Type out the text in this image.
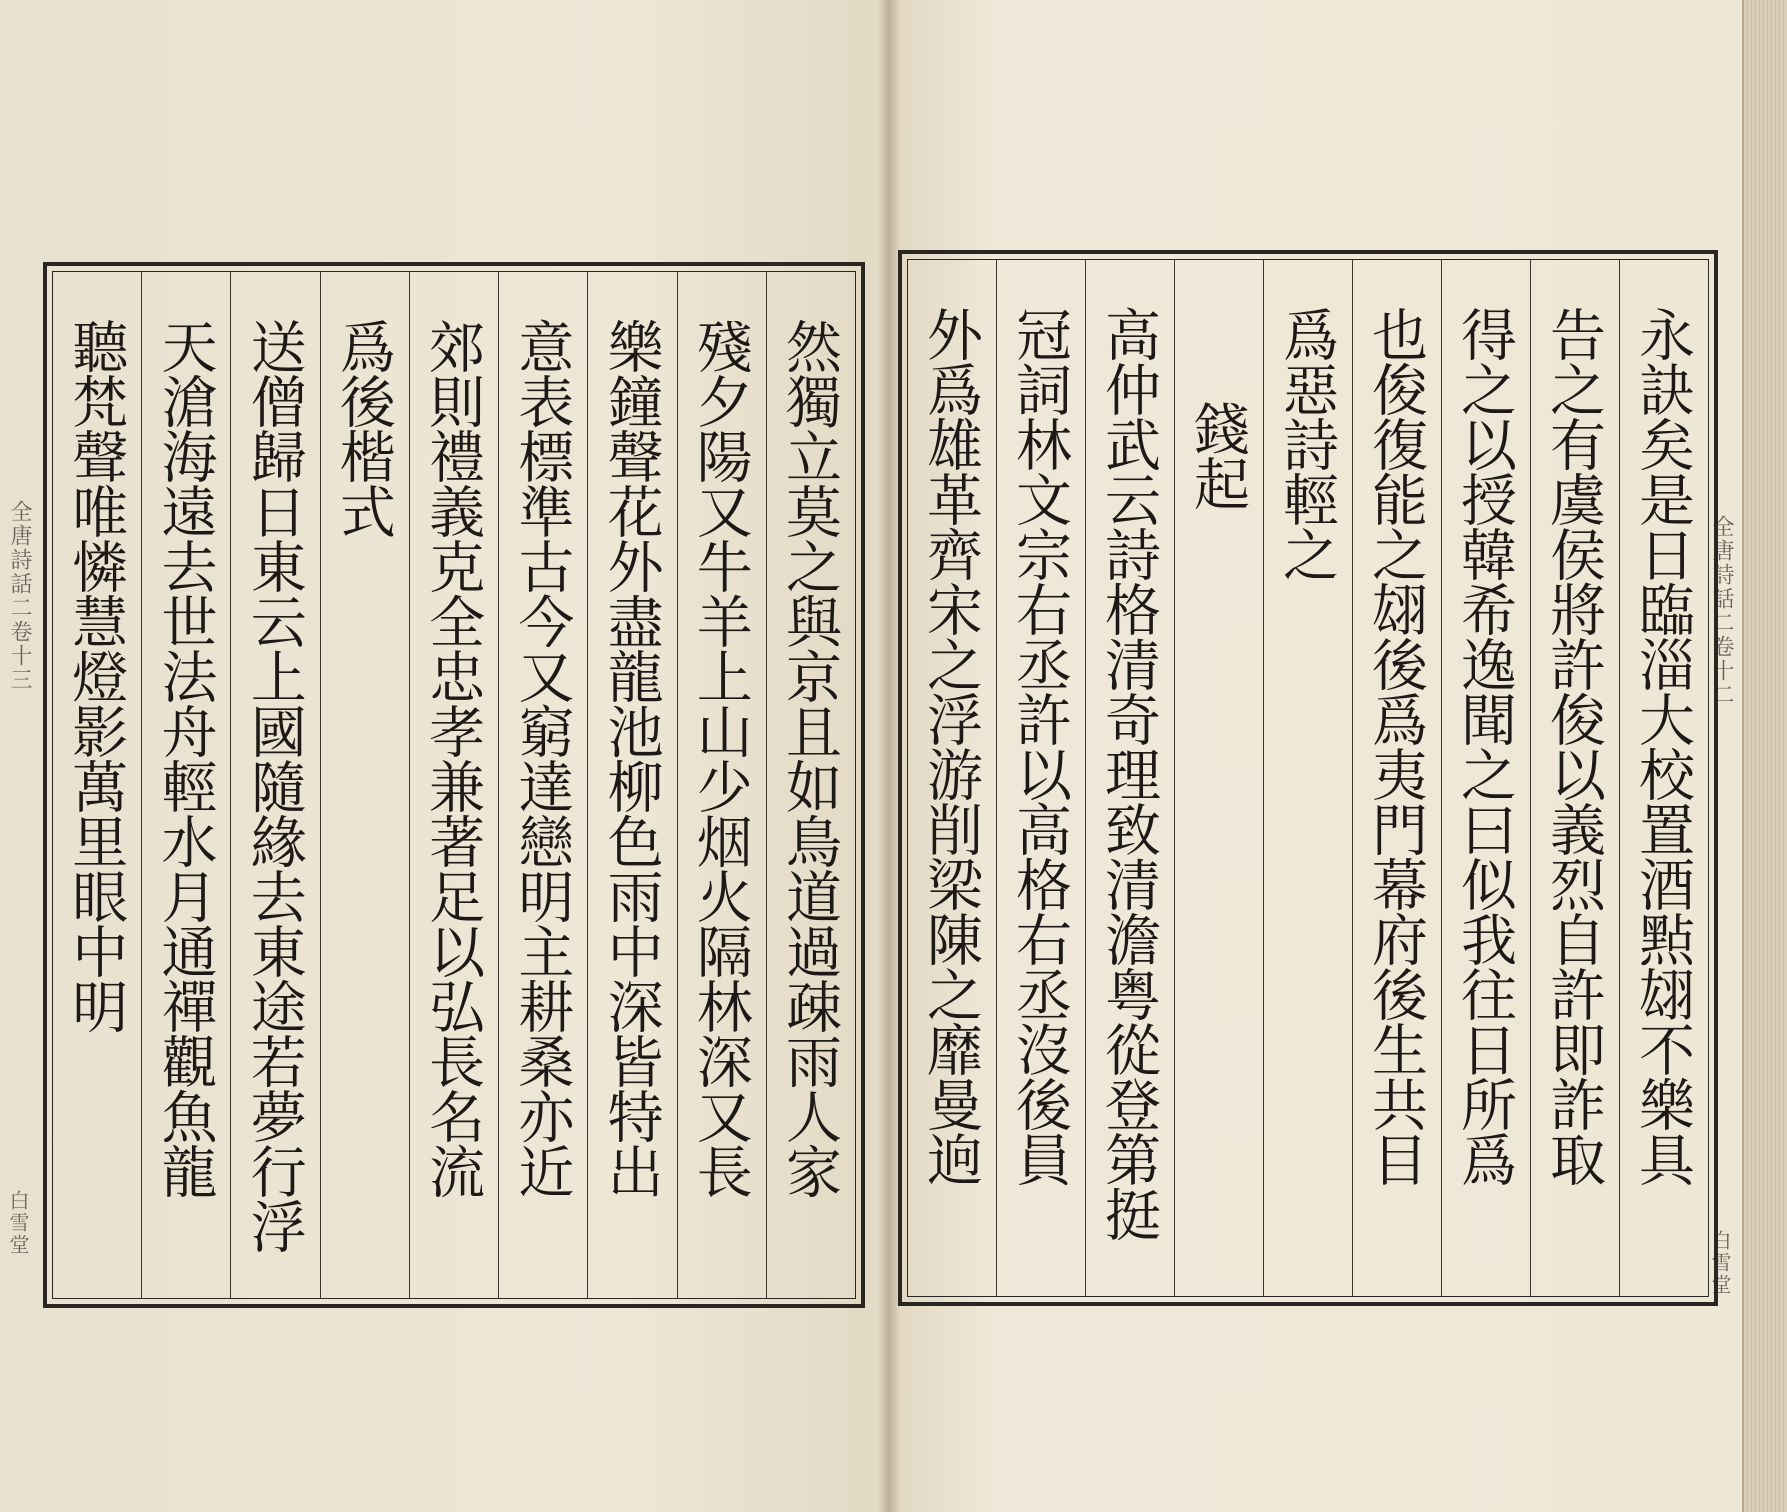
全唐詩話二卷十三
白雪堂
全唐詩話二卷十二
白雪堂
然獨立莫之與京且如鳥道過疎雨人家
殘夕陽又牛羊上山少烟火隔林深又長
樂鐘聲花外盡龍池柳色雨中深皆特出
意表標準古今又窮達戀明主耕桑亦近
郊則禮義克全忠孝兼著足以弘長名流
爲後楷式
送僧歸日東云上國隨緣去東途若夢行浮
天滄海遠去世法舟輕水月通禪觀魚龍
聽梵聲唯憐慧燈影萬里眼中明	永訣矣是日臨淄大校置酒㸃翃不樂具
告之有虞侯將許俊以義烈自許即詐取
得之以授韓希逸聞之曰似我往日所爲
也俊復能之翃後爲夷門幕府後生共目
爲惡詩輕之
錢起
高仲武云詩格清奇理致清澹粤從登第挺
冠詞林文宗右丞許以高格右丞沒後員
外爲雄革齊宋之浮游削梁陳之靡曼逈
